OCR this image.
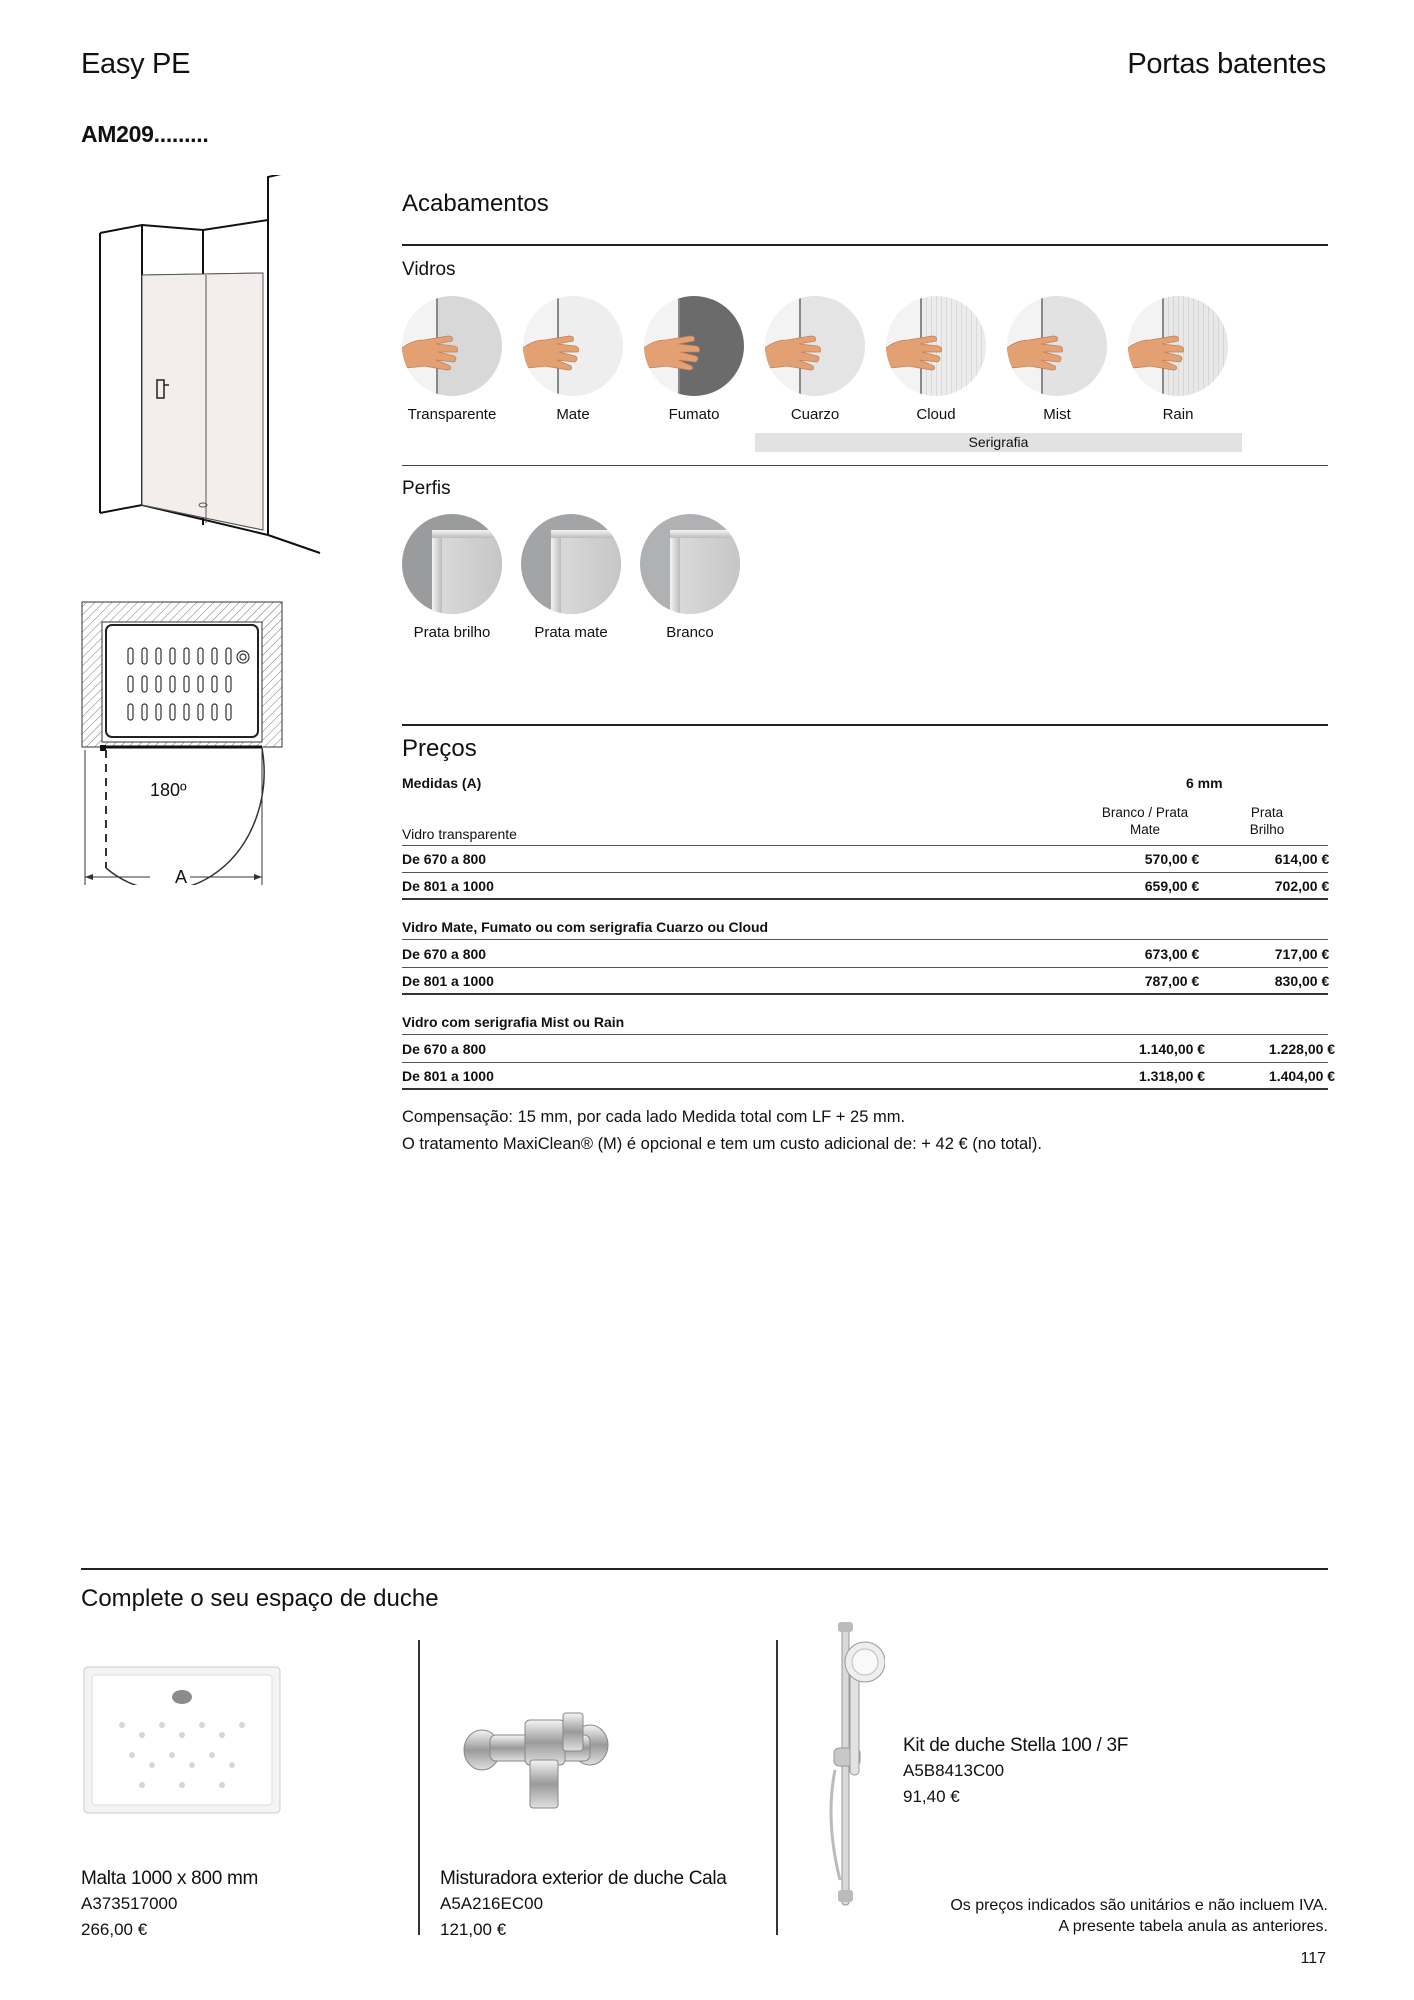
Easy PE	Portas batentes
AM209.........
180º
A
Acabamentos
Vidros
Transparente	Mate	Fumato	Cuarzo	Cloud	Mist	Rain
Serigrafia
Perfis
Prata brilho	Prata mate	Branco
Preços
Medidas (A)	6 mm
Branco / Prata Mate
Prata Brilho
Vidro transparente
De 670 a 800	570,00 €	614,00 €
De 801 a 1000	659,00 €	702,00 €
Vidro Mate, Fumato ou com serigrafia Cuarzo ou Cloud
De 670 a 800	673,00 €	717,00 €
De 801 a 1000	787,00 €	830,00 €
Vidro com serigrafia Mist ou Rain
De 670 a 800	1.140,00 €	1.228,00 €
De 801 a 1000	1.318,00 €	1.404,00 €
Compensação: 15 mm, por cada lado Medida total com LF + 25 mm.
O tratamento MaxiClean® (M) é opcional e tem um custo adicional de: + 42 € (no total).
Complete o seu espaço de duche
Malta 1000 x 800 mm
A373517000
266,00 €
Misturadora exterior de duche Cala
A5A216EC00
121,00 €
Kit de duche Stella 100 / 3F
A5B8413C00
91,40 €
Os preços indicados são unitários e não incluem IVA.
A presente tabela anula as anteriores.
117
